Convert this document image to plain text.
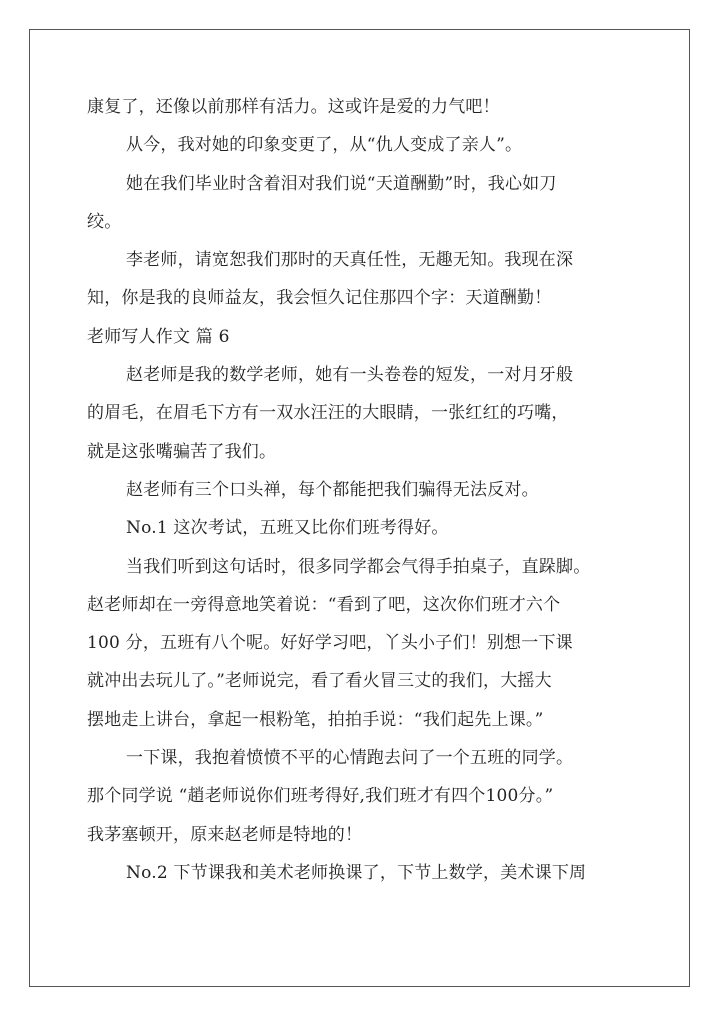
康复了，还像以前那样有活力。这或许是爱的力气吧！
从今，我对她的印象变更了，从“仇人变成了亲人”。
她在我们毕业时含着泪对我们说“天道酬勤”时，我心如刀
绞。
李老师，请宽恕我们那时的天真任性，无趣无知。我现在深
知，你是我的良师益友，我会恒久记住那四个字：天道酬勤！
老师写人作文 篇 6
赵老师是我的数学老师，她有一头卷卷的短发，一对月牙般
的眉毛，在眉毛下方有一双水汪汪的大眼睛，一张红红的巧嘴，
就是这张嘴骗苦了我们。
赵老师有三个口头禅，每个都能把我们骗得无法反对。
No.1 这次考试，五班又比你们班考得好。
当我们听到这句话时，很多同学都会气得手拍桌子，直跺脚。
赵老师却在一旁得意地笑着说：“看到了吧，这次你们班才六个
100 分，五班有八个呢。好好学习吧，丫头小子们！别想一下课
就冲出去玩儿了。”老师说完，看了看火冒三丈的我们，大摇大
摆地走上讲台，拿起一根粉笔，拍拍手说：“我们起先上课。”
一下课，我抱着愤愤不平的心情跑去问了一个五班的同学。
那个同学说 “趙老师说你们班考得好,我们班才有四个100分。”
我茅塞顿开，原来赵老师是特地的！
No.2 下节课我和美术老师换课了，下节上数学，美术课下周
